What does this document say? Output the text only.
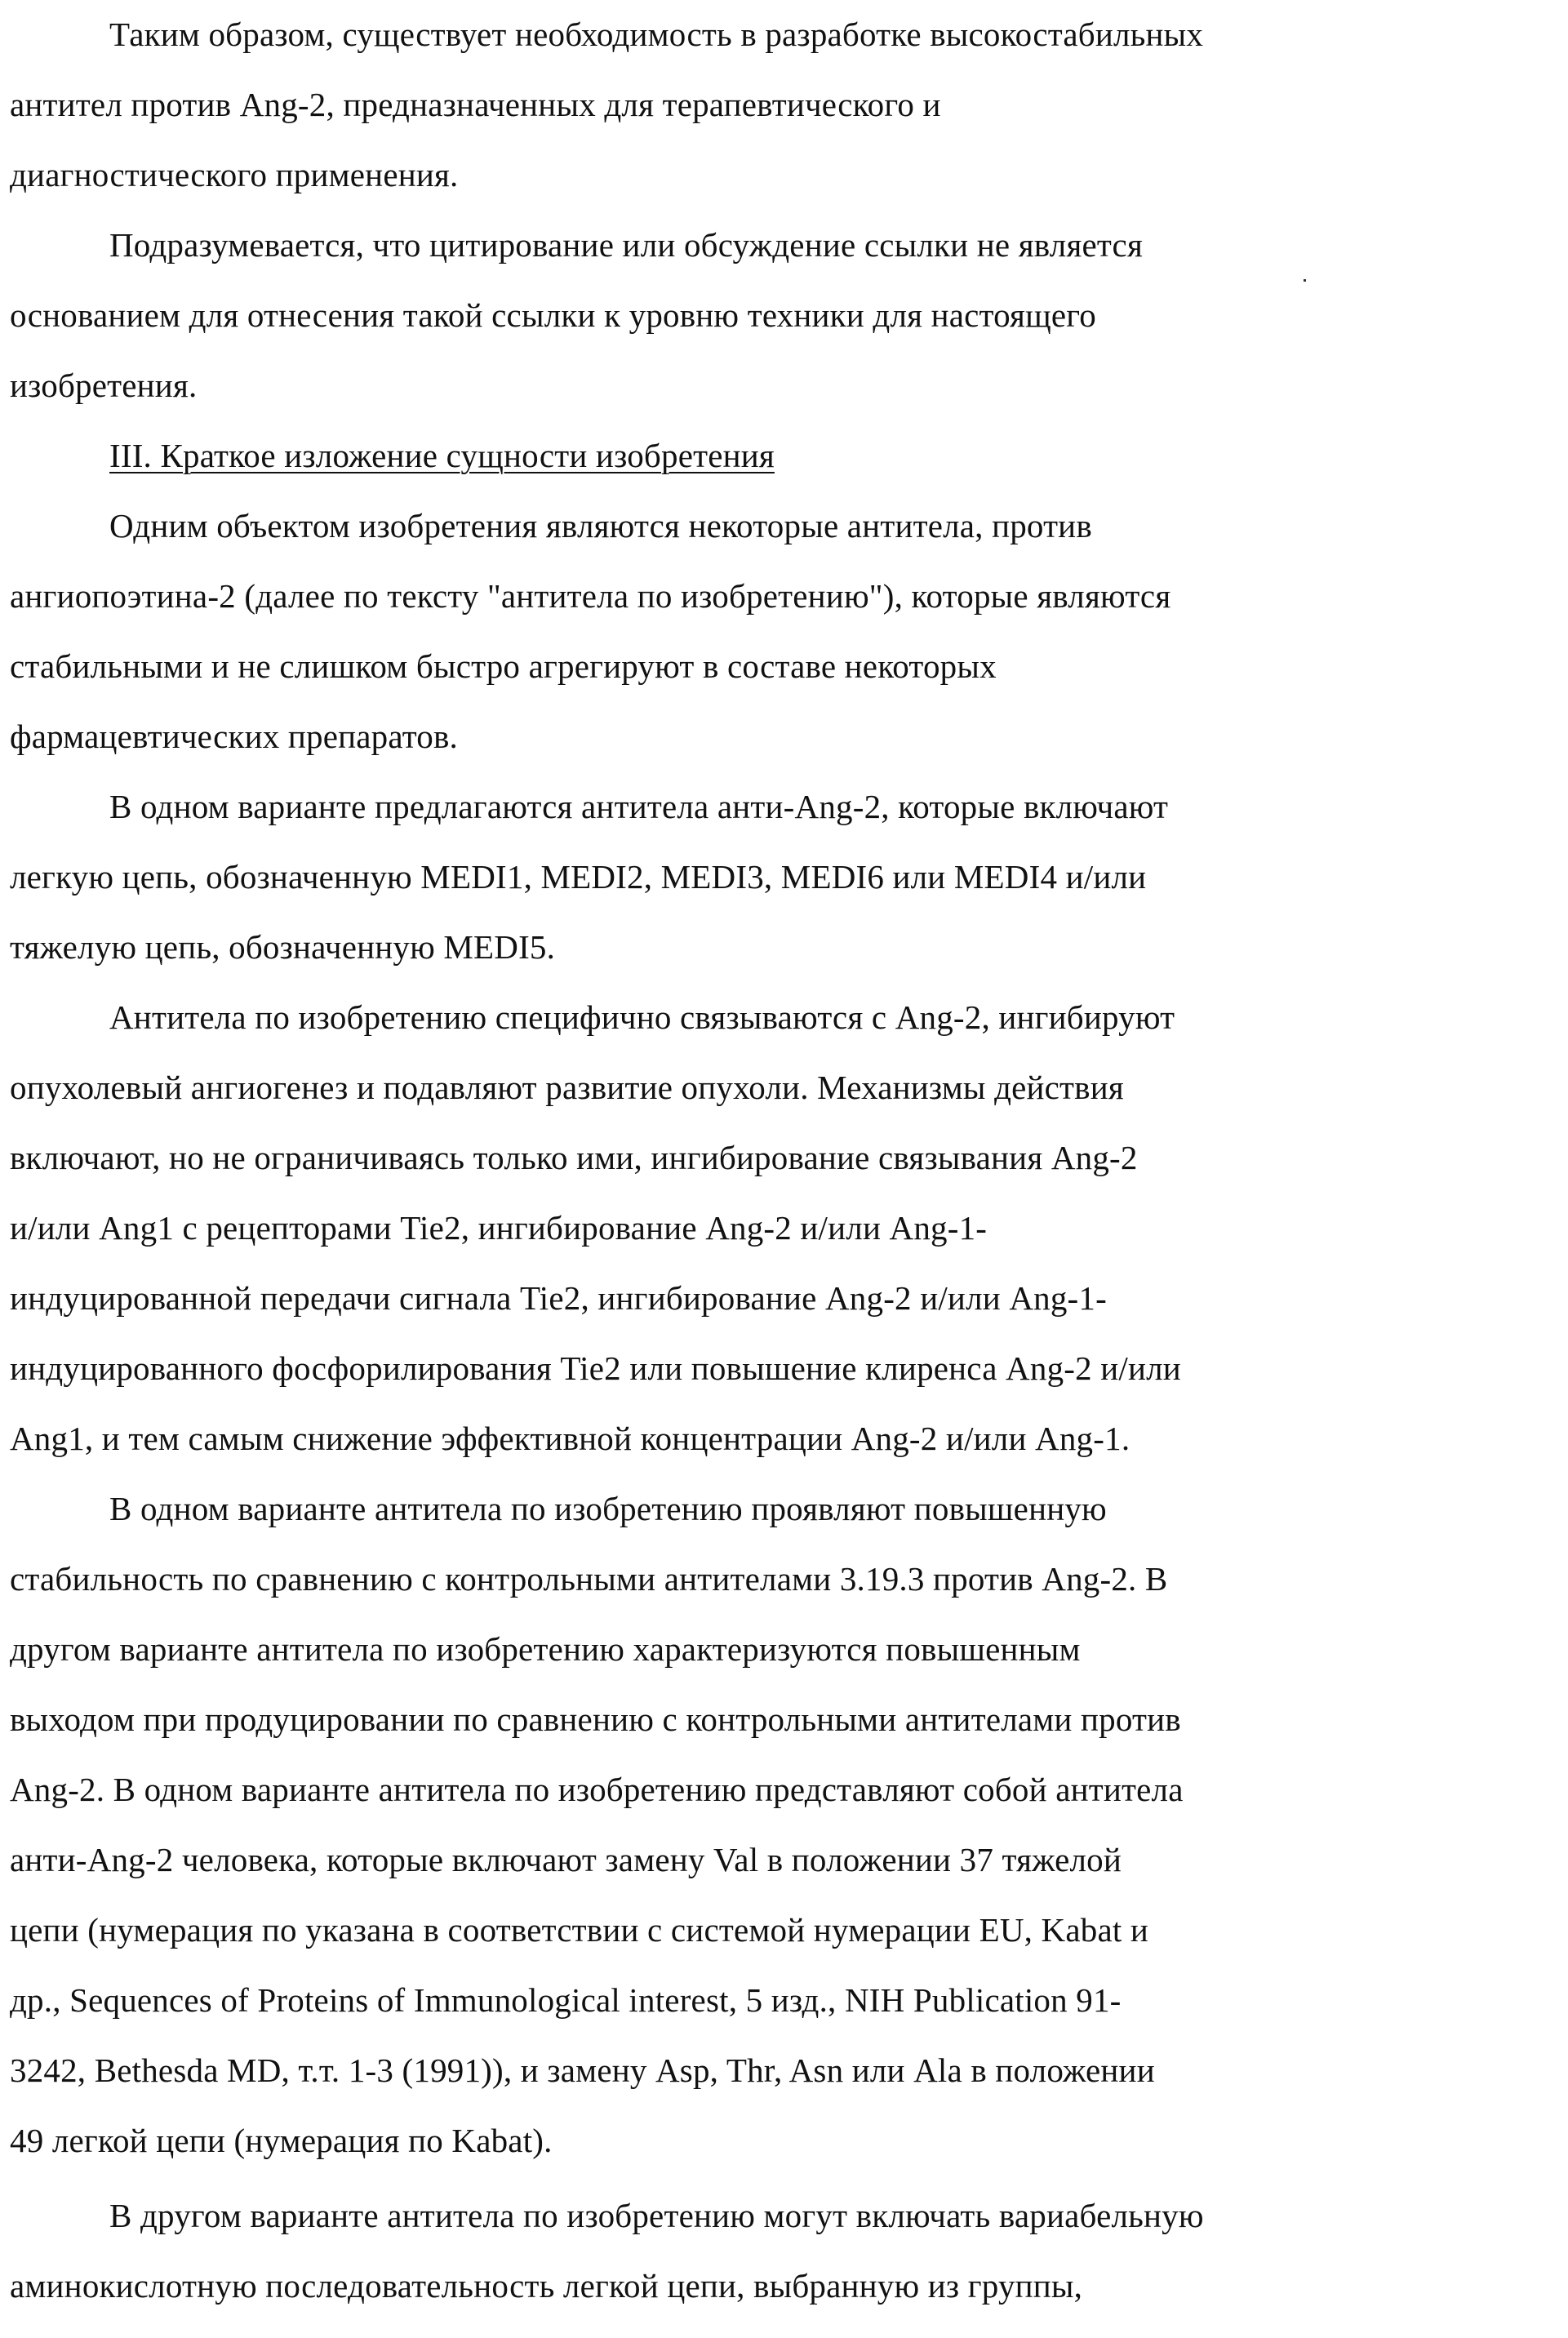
Таким образом, существует необходимость в разработке высокостабильных
антител против Ang-2, предназначенных для терапевтического и
диагностического применения.
Подразумевается, что цитирование или обсуждение ссылки не является
основанием для отнесения такой ссылки к уровню техники для настоящего
изобретения.
III. Краткое изложение сущности изобретения
Одним объектом изобретения являются некоторые антитела, против
ангиопоэтина-2 (далее по тексту "антитела по изобретению"), которые являются
стабильными и не слишком быстро агрегируют в составе некоторых
фармацевтических препаратов.
В одном варианте предлагаются антитела анти-Ang-2, которые включают
легкую цепь, обозначенную MEDI1, MEDI2, MEDI3, MEDI6 или MEDI4 и/или
тяжелую цепь, обозначенную MEDI5.
Антитела по изобретению специфично связываются с Ang-2, ингибируют
опухолевый ангиогенез и подавляют развитие опухоли. Механизмы действия
включают, но не ограничиваясь только ими, ингибирование связывания Ang-2
и/или Ang1 с рецепторами Tie2, ингибирование Ang-2 и/или Ang-1-
индуцированной передачи сигнала Tie2, ингибирование Ang-2 и/или Ang-1-
индуцированного фосфорилирования Tie2 или повышение клиренса Ang-2 и/или
Ang1, и тем самым снижение эффективной концентрации Ang-2 и/или Ang-1.
В одном варианте антитела по изобретению проявляют повышенную
стабильность по сравнению с контрольными антителами 3.19.3 против Ang-2. В
другом варианте антитела по изобретению характеризуются повышенным
выходом при продуцировании по сравнению с контрольными антителами против
Ang-2. В одном варианте антитела по изобретению представляют собой антитела
анти-Ang-2 человека, которые включают замену Val в положении 37 тяжелой
цепи (нумерация по указана в соответствии с системой нумерации EU, Kabat и
др., Sequences of Proteins of Immunological interest, 5 изд., NIH Publication 91-
3242, Bethesda MD, т.т. 1-3 (1991)), и замену Asp, Thr, Asn или Ala в положении
49 легкой цепи (нумерация по Kabat).
В другом варианте антитела по изобретению могут включать вариабельную
аминокислотную последовательность легкой цепи, выбранную из группы,
